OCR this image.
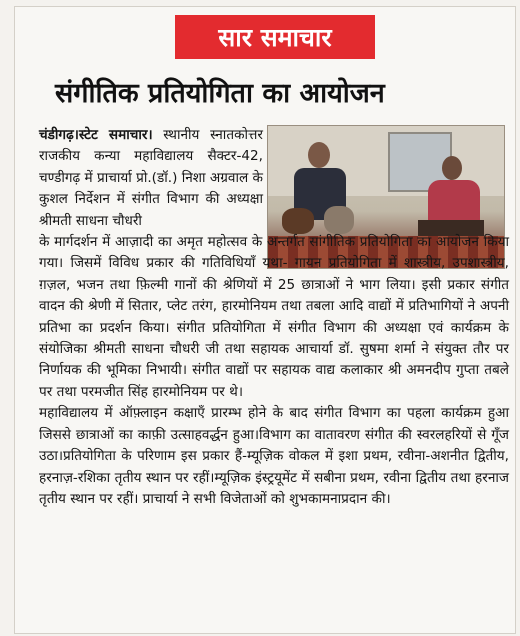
सार समाचार
संगीतिक प्रतियोगिता का आयोजन

चंडीगढ़।स्टेट समाचार। स्थानीय स्नातकोत्तर राजकीय कन्या महाविद्यालय सैक्टर-42, चण्डीगढ़ में प्राचार्या प्रो.(डॉ.) निशा अग्रवाल के कुशल निर्देशन में संगीत विभाग की अध्यक्षा श्रीमती साधना चौधरी

के मार्गदर्शन में आज़ादी का अमृत महोत्सव के अन्तर्गत सांगीतिक प्रतियोगिता का आयोजन किया गया। जिसमें विविध प्रकार की गतिविधियाँ यथा- गायन प्रतियोगिता में शास्त्रीय, उपशास्त्रीय, ग़ज़ल, भजन तथा फ़िल्मी गानों की श्रेणियों में 25 छात्राओं ने भाग लिया। इसी प्रकार संगीत वादन की श्रेणी में सितार, प्लेट तरंग, हारमोनियम तथा तबला आदि वाद्यों में प्रतिभागियों ने अपनी प्रतिभा का प्रदर्शन किया। संगीत प्रतियोगिता में संगीत विभाग की अध्यक्षा एवं कार्यक्रम के संयोजिका श्रीमती साधना चौधरी जी तथा सहायक आचार्या डॉ. सुषमा शर्मा ने संयुक्त तौर पर निर्णायक की भूमिका निभायी। संगीत वाद्यों पर सहायक वाद्य कलाकार श्री अमनदीप गुप्ता तबले पर तथा परमजीत सिंह हारमोनियम पर थे।

महाविद्यालय में ऑफ़्लाइन कक्षाएँ प्रारम्भ होने के बाद संगीत विभाग का पहला कार्यक्रम हुआ जिससे छात्राओं का काफ़ी उत्साहवर्द्धन हुआ।विभाग का वातावरण संगीत की स्वरलहरियों से गूँज उठा।प्रतियोगिता के परिणाम इस प्रकार हैं-म्यूज़िक वोकल में इशा प्रथम, रवीना-अशनीत द्वितीय, हरनाज़-रशिका तृतीय स्थान पर रहीं।म्यूज़िक इंस्ट्रयूमेंट में सबीना प्रथम, रवीना द्वितीय तथा हरनाज तृतीय स्थान पर रहीं। प्राचार्या ने सभी विजेताओं को शुभकामनाप्रदान की।
